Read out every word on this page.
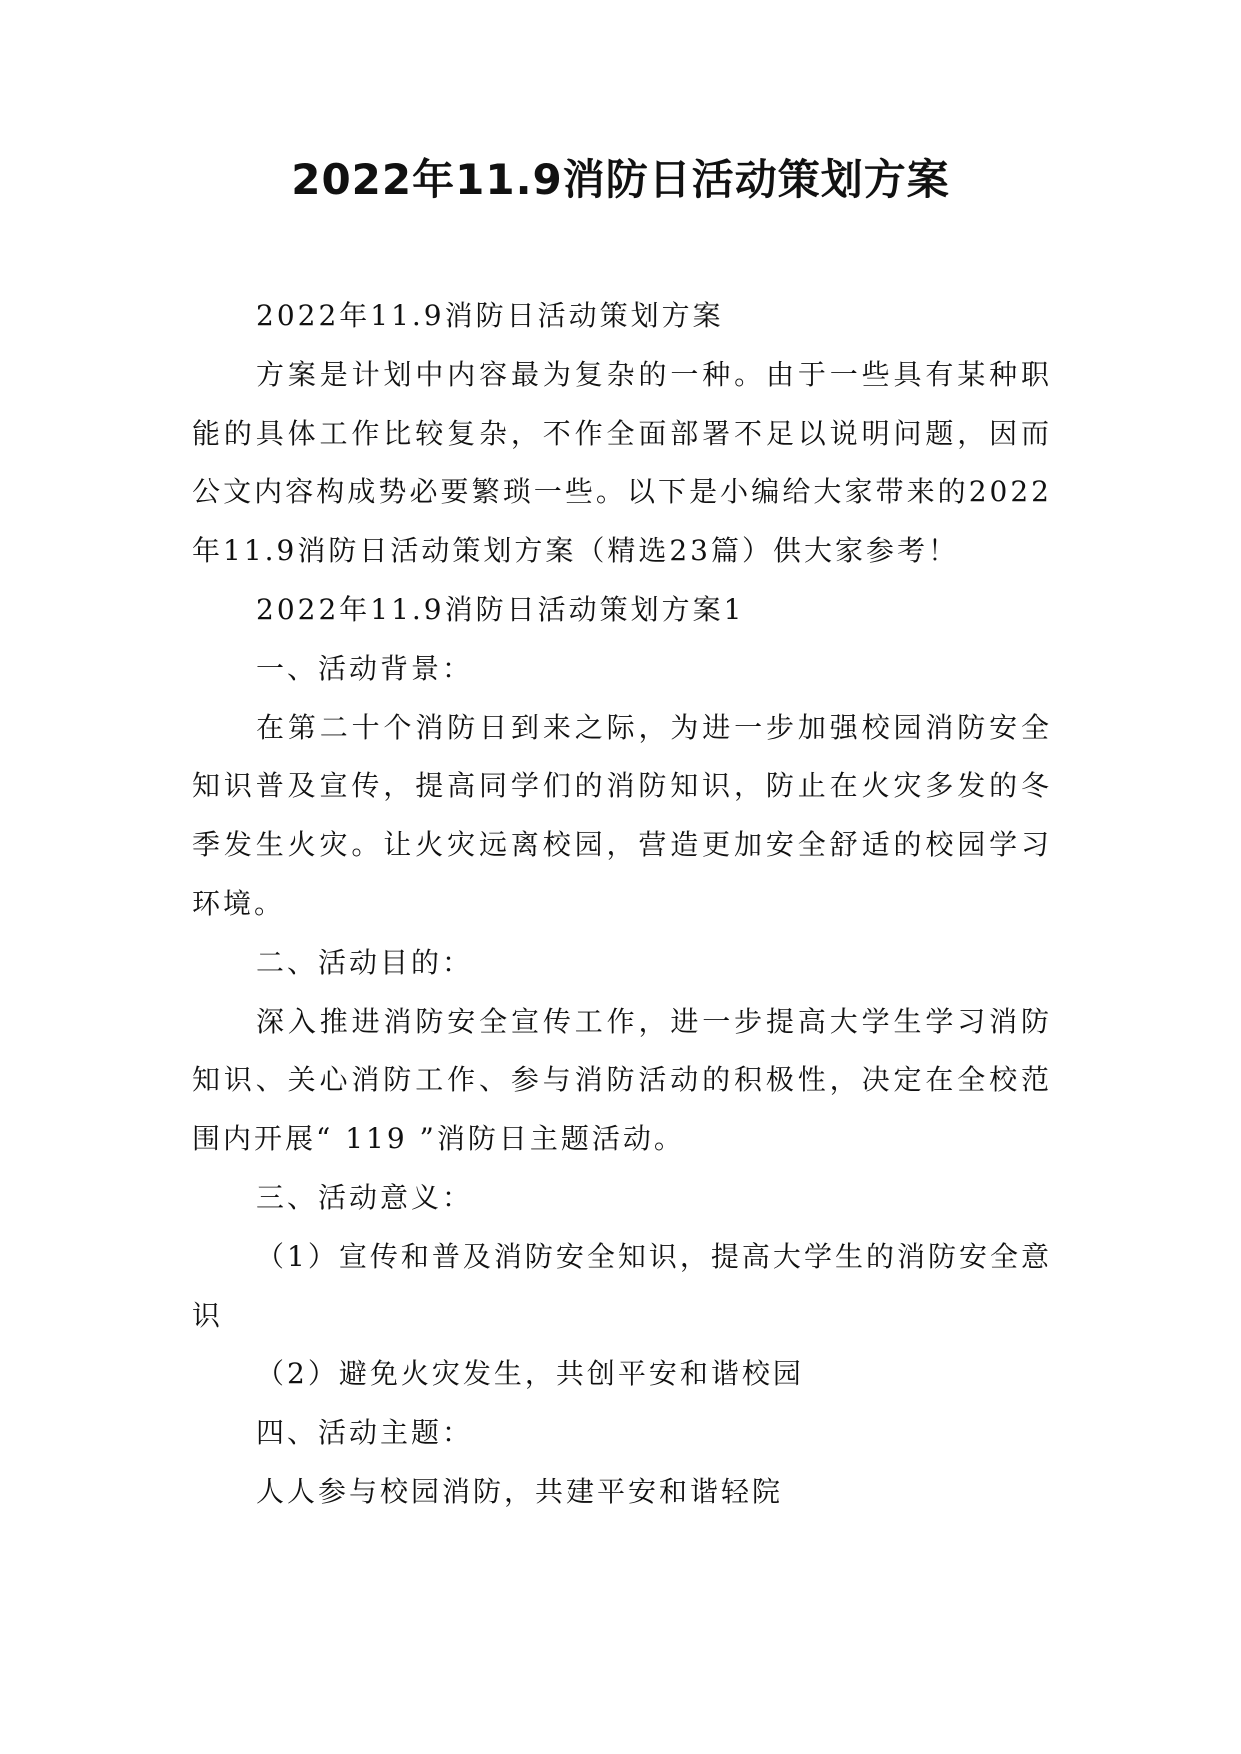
2022年11.9消防日活动策划方案

2022年11.9消防日活动策划方案

方案是计划中内容最为复杂的一种。由于一些具有某种职能的具体工作比较复杂，不作全面部署不足以说明问题，因而公文内容构成势必要繁琐一些。以下是小编给大家带来的2022年11.9消防日活动策划方案（精选23篇）供大家参考！

2022年11.9消防日活动策划方案1

一、活动背景：

在第二十个消防日到来之际，为进一步加强校园消防安全知识普及宣传，提高同学们的消防知识，防止在火灾多发的冬季发生火灾。让火灾远离校园，营造更加安全舒适的校园学习环境。

二、活动目的：

深入推进消防安全宣传工作，进一步提高大学生学习消防知识、关心消防工作、参与消防活动的积极性，决定在全校范围内开展“ 119 ”消防日主题活动。

三、活动意义：

（1）宣传和普及消防安全知识，提高大学生的消防安全意识

（2）避免火灾发生，共创平安和谐校园

四、活动主题：

人人参与校园消防，共建平安和谐轻院
